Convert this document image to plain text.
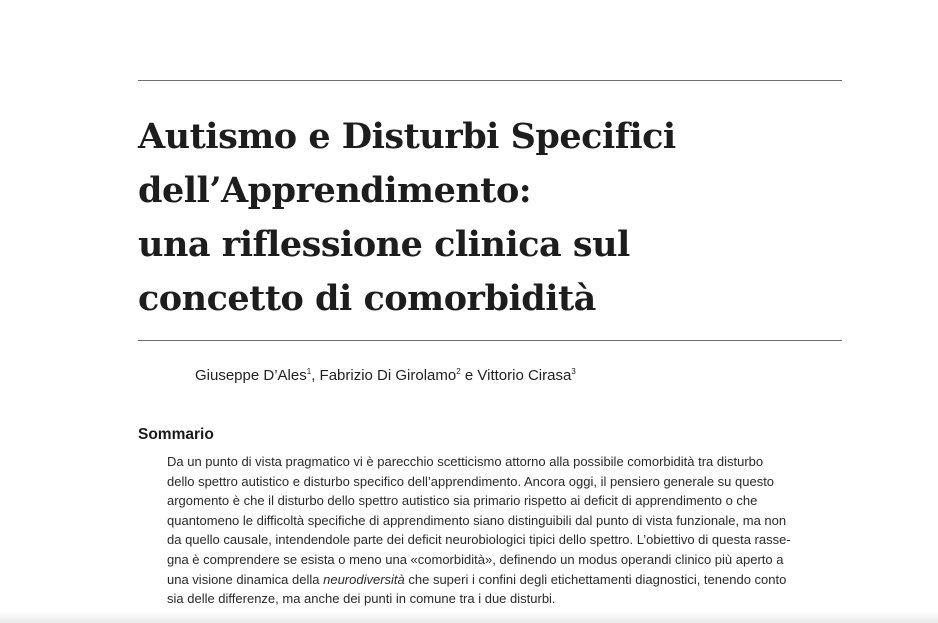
Autismo e Disturbi Specifici
dell’Apprendimento:
una riflessione clinica sul
concetto di comorbidità
Giuseppe D’Ales$^1$, Fabrizio Di Girolamo$^2$ e Vittorio Cirasa$^3$
Sommario
Da un punto di vista pragmatico vi è parecchio scetticismo attorno alla possibile comorbidità tra disturbo
dello spettro autistico e disturbo specifico dell’apprendimento. Ancora oggi, il pensiero generale su questo
argomento è che il disturbo dello spettro autistico sia primario rispetto ai deficit di apprendimento o che
quantomeno le difficoltà specifiche di apprendimento siano distinguibili dal punto di vista funzionale, ma non
da quello causale, intendendole parte dei deficit neurobiologici tipici dello spettro. L’obiettivo di questa rasse-
gna è comprendere se esista o meno una «comorbidità», definendo un modus operandi clinico più aperto a
una visione dinamica della neurodiversità che superi i confini degli etichettamenti diagnostici, tenendo conto
sia delle differenze, ma anche dei punti in comune tra i due disturbi.
